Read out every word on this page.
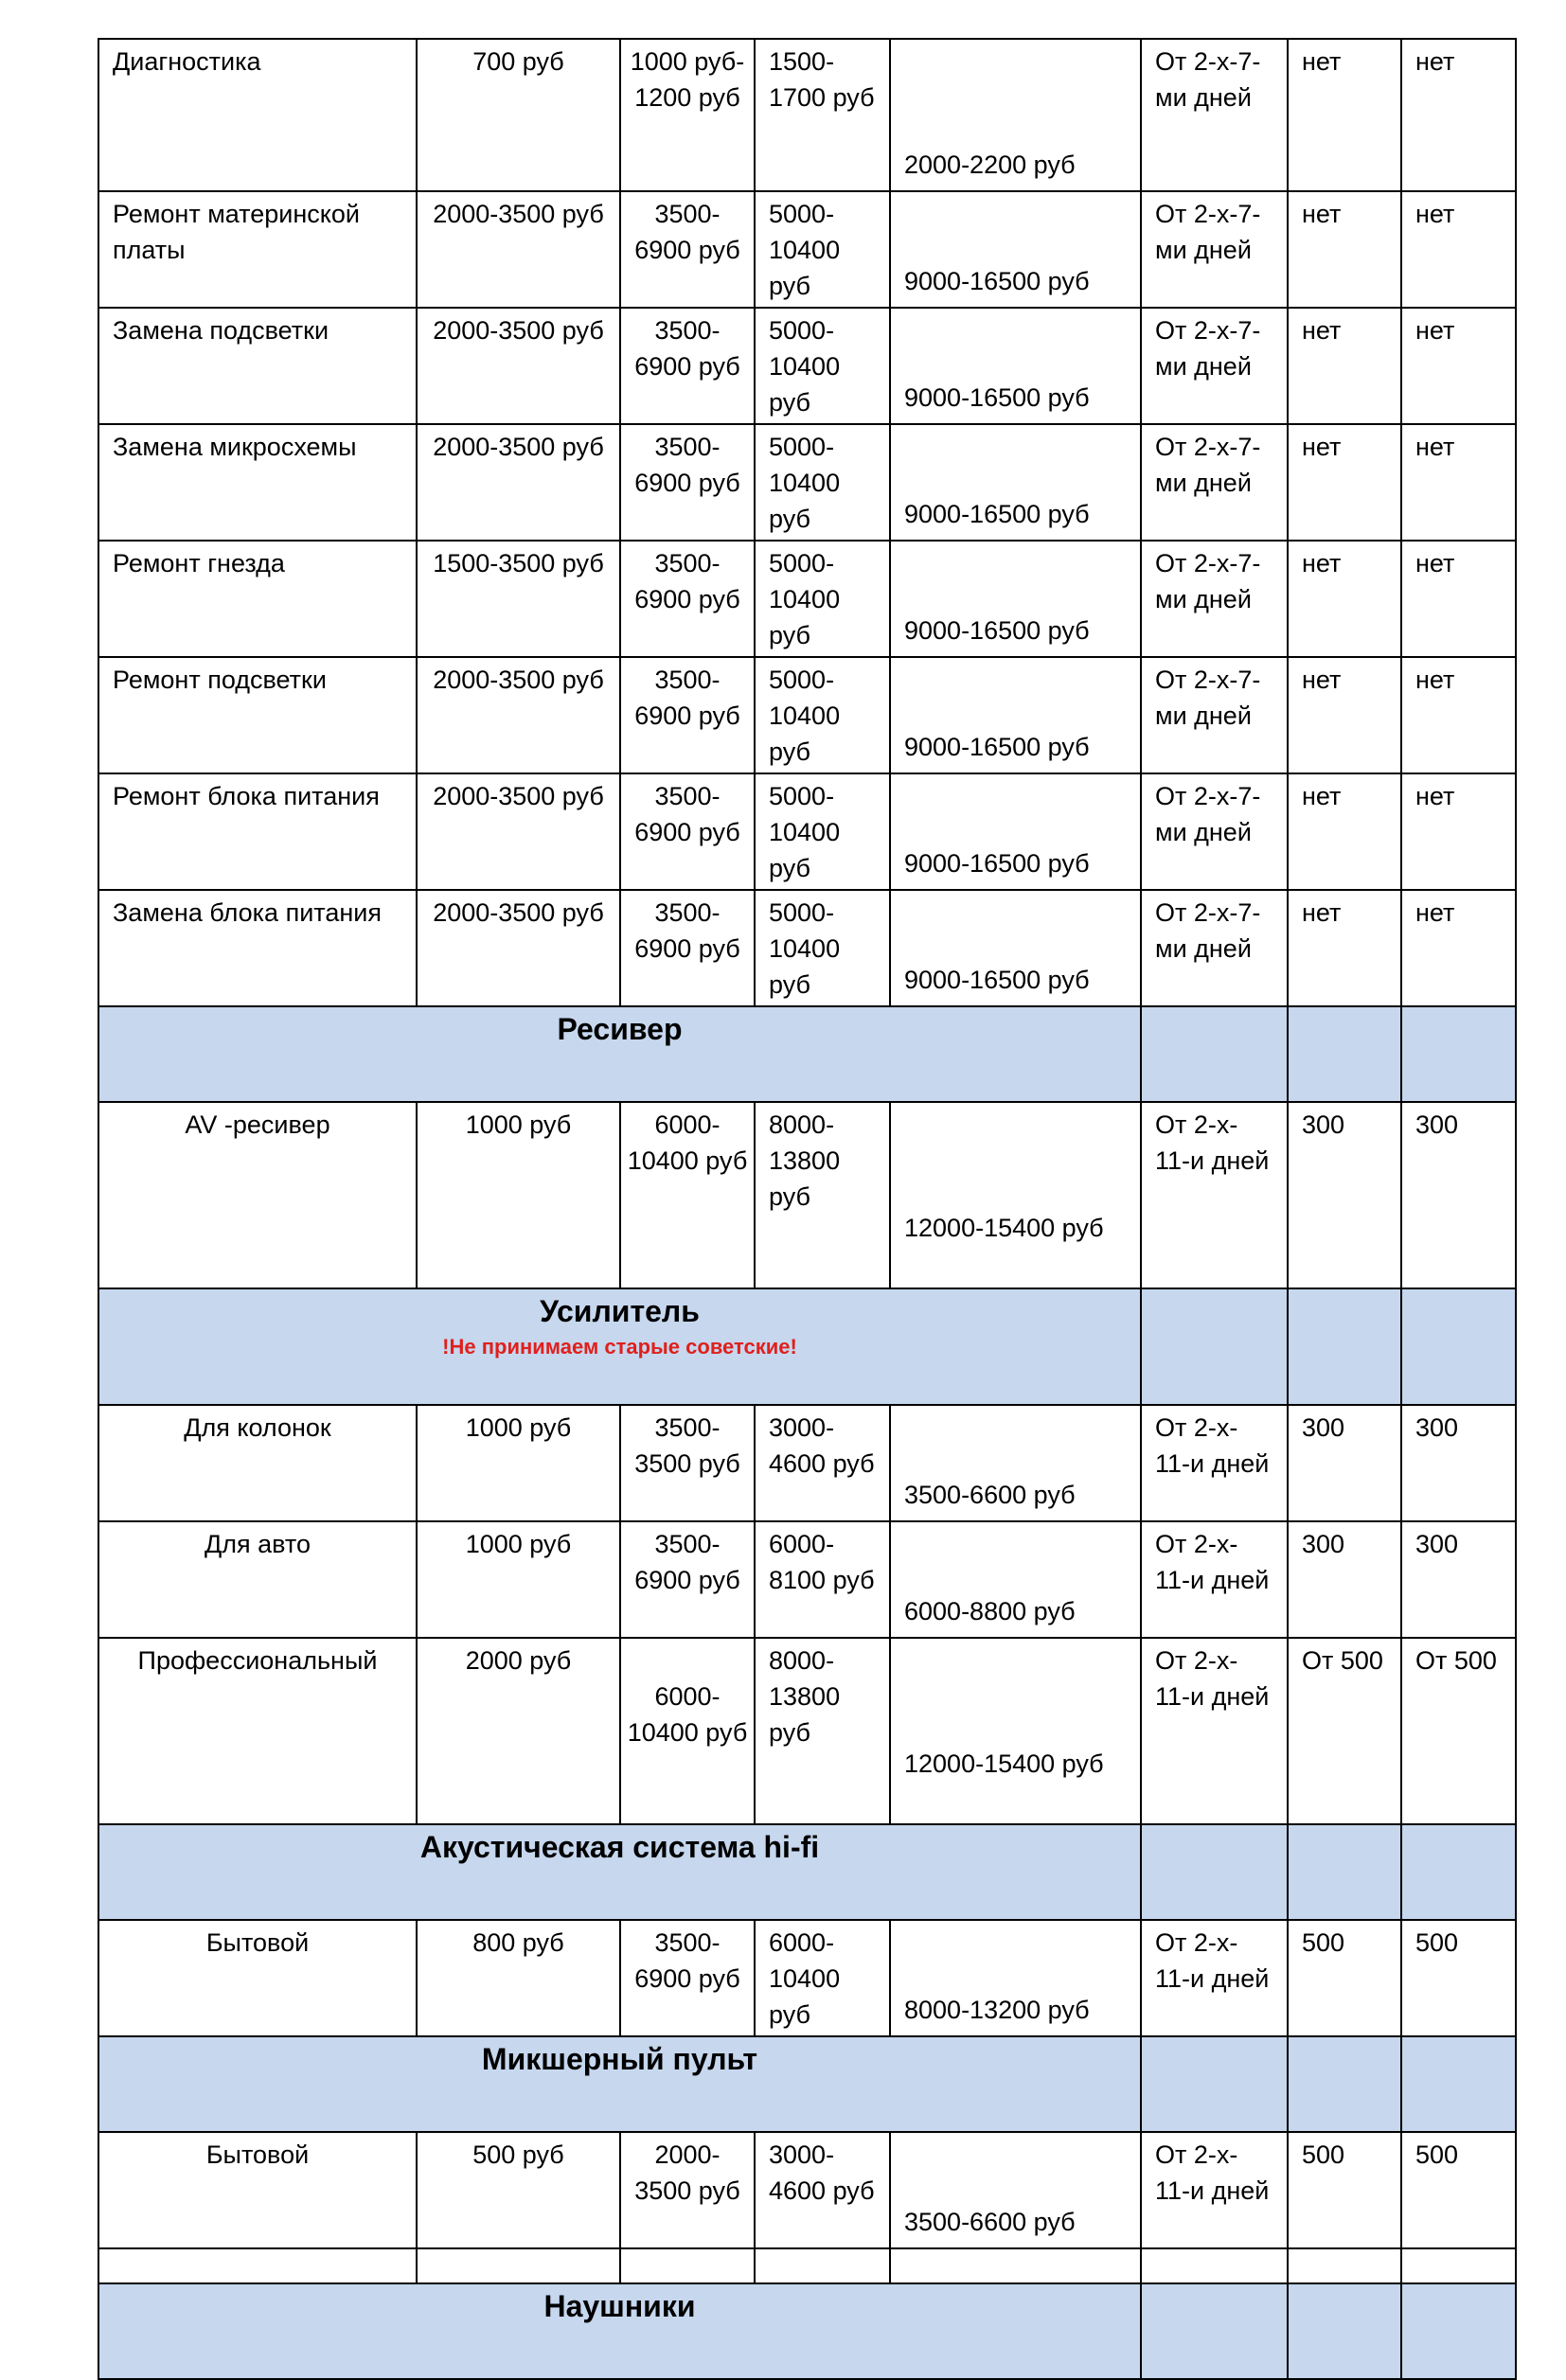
Диагностика	700 руб	1000 руб- 1200 руб	1500- 1700 руб	2000-2200 руб	От 2-х-7-ми дней	нет	нет
Ремонт материнской платы	2000-3500 руб	3500- 6900 руб	5000- 10400 руб	9000-16500 руб	От 2-х-7-ми дней	нет	нет
Замена подсветки	2000-3500 руб	3500- 6900 руб	5000- 10400 руб	9000-16500 руб	От 2-х-7-ми дней	нет	нет
Замена микросхемы	2000-3500 руб	3500- 6900 руб	5000- 10400 руб	9000-16500 руб	От 2-х-7-ми дней	нет	нет
Ремонт гнезда	1500-3500 руб	3500- 6900 руб	5000- 10400 руб	9000-16500 руб	От 2-х-7-ми дней	нет	нет
Ремонт подсветки	2000-3500 руб	3500- 6900 руб	5000- 10400 руб	9000-16500 руб	От 2-х-7-ми дней	нет	нет
Ремонт блока питания	2000-3500 руб	3500- 6900 руб	5000- 10400 руб	9000-16500 руб	От 2-х-7-ми дней	нет	нет
Замена блока питания	2000-3500 руб	3500- 6900 руб	5000- 10400 руб	9000-16500 руб	От 2-х-7-ми дней	нет	нет
Ресивер							
AV -ресивер	1000 руб	6000- 10400 руб	8000- 13800 руб	12000-15400 руб	От 2-х- 11-и дней	300	300
Усилитель
!Не принимаем старые советские!							

Для колонок	1000 руб	3500- 3500 руб	3000- 4600 руб	3500-6600 руб	От 2-х- 11-и дней	300	300
Для авто	1000 руб	3500- 6900 руб	6000- 8100 руб	6000-8800 руб	От 2-х- 11-и дней	300	300
Профессиональный	2000 руб	6000- 10400 руб	8000- 13800 руб	12000-15400 руб	От 2-х- 11-и дней	От 500	От 500
Акустическая система hi-fi							
Бытовой	800 руб	3500- 6900 руб	6000- 10400 руб	8000-13200 руб	От 2-х- 11-и дней	500	500
Микшерный пульт							
Бытовой	500 руб	2000- 3500 руб	3000- 4600 руб	3500-6600 руб	От 2-х- 11-и дней	500	500

Наушники							
